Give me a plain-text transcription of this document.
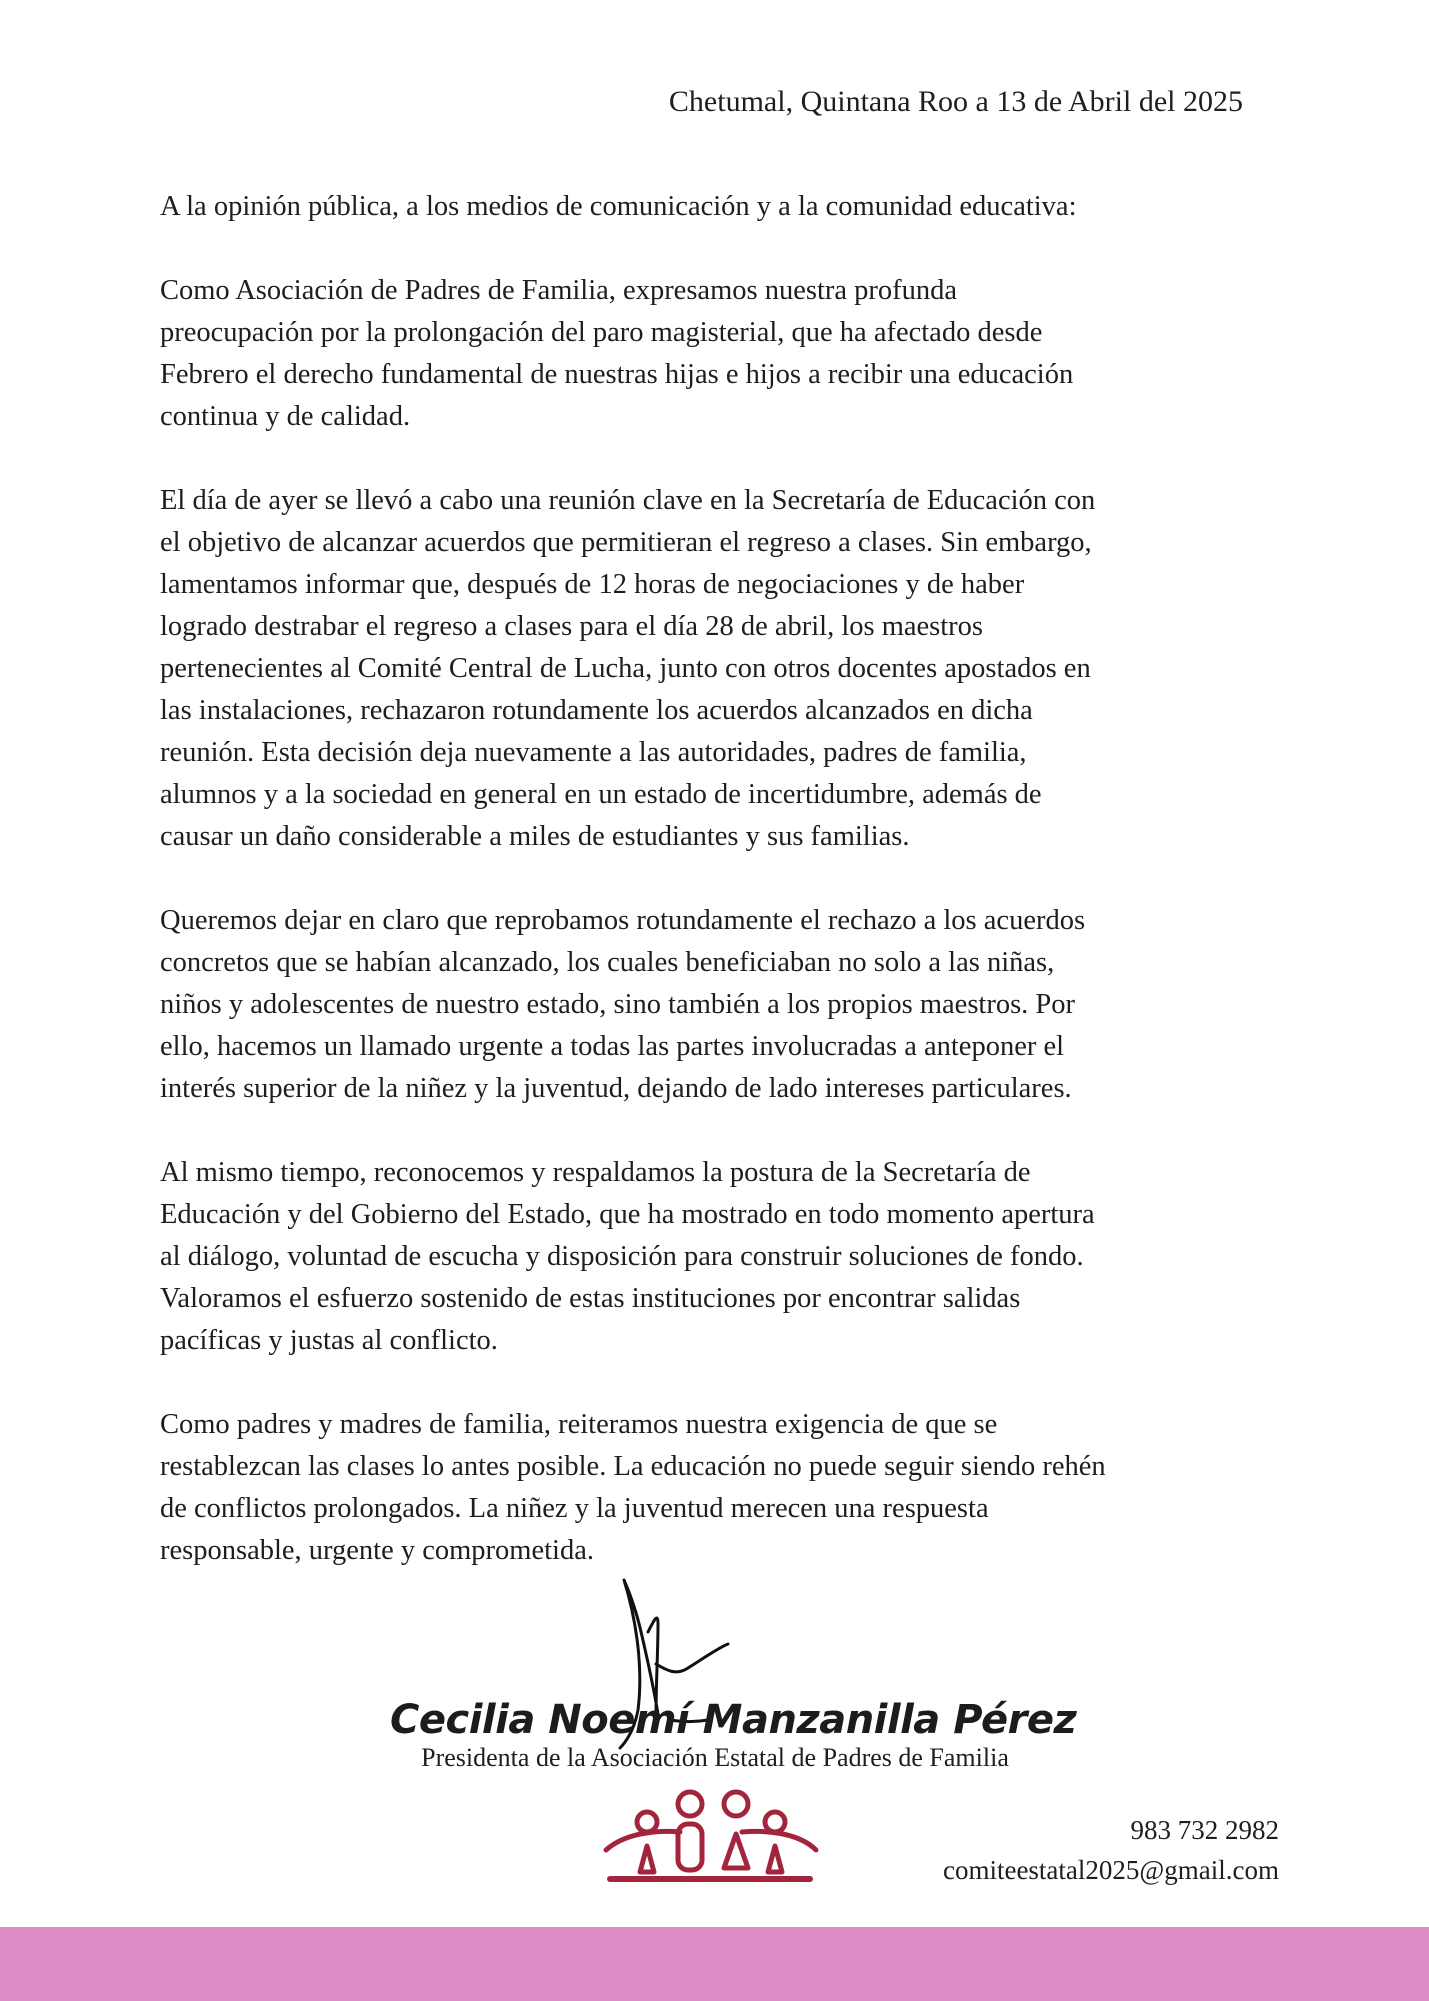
Chetumal, Quintana Roo a 13 de Abril del 2025

A la opinión pública, a los medios de comunicación y a la comunidad educativa:

Como Asociación de Padres de Familia, expresamos nuestra profunda
preocupación por la prolongación del paro magisterial, que ha afectado desde
Febrero el derecho fundamental de nuestras hijas e hijos a recibir una educación
continua y de calidad.

El día de ayer se llevó a cabo una reunión clave en la Secretaría de Educación con
el objetivo de alcanzar acuerdos que permitieran el regreso a clases. Sin embargo,
lamentamos informar que, después de 12 horas de negociaciones y de haber
logrado destrabar el regreso a clases para el día 28 de abril, los maestros
pertenecientes al Comité Central de Lucha, junto con otros docentes apostados en
las instalaciones, rechazaron rotundamente los acuerdos alcanzados en dicha
reunión. Esta decisión deja nuevamente a las autoridades, padres de familia,
alumnos y a la sociedad en general en un estado de incertidumbre, además de
causar un daño considerable a miles de estudiantes y sus familias.

Queremos dejar en claro que reprobamos rotundamente el rechazo a los acuerdos
concretos que se habían alcanzado, los cuales beneficiaban no solo a las niñas,
niños y adolescentes de nuestro estado, sino también a los propios maestros. Por
ello, hacemos un llamado urgente a todas las partes involucradas a anteponer el
interés superior de la niñez y la juventud, dejando de lado intereses particulares.

Al mismo tiempo, reconocemos y respaldamos la postura de la Secretaría de
Educación y del Gobierno del Estado, que ha mostrado en todo momento apertura
al diálogo, voluntad de escucha y disposición para construir soluciones de fondo.
Valoramos el esfuerzo sostenido de estas instituciones por encontrar salidas
pacíficas y justas al conflicto.

Como padres y madres de familia, reiteramos nuestra exigencia de que se
restablezcan las clases lo antes posible. La educación no puede seguir siendo rehén
de conflictos prolongados. La niñez y la juventud merecen una respuesta
responsable, urgente y comprometida.

Cecilia Noemí Manzanilla Pérez
Presidenta de la Asociación Estatal de Padres de Familia
983 732 2982
comiteestatal2025@gmail.com
